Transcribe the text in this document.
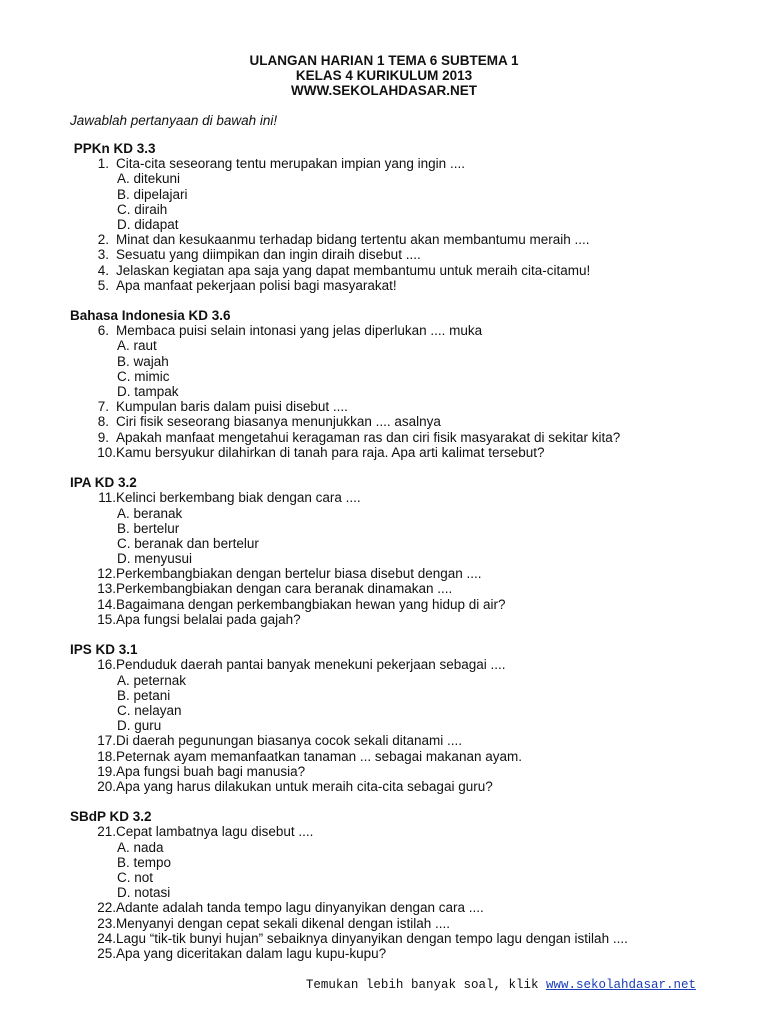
ULANGAN HARIAN 1 TEMA 6 SUBTEMA 1
KELAS 4 KURIKULUM 2013
WWW.SEKOLAHDASAR.NET
Jawablah pertanyaan di bawah ini!
PPKn KD 3.3
1. Cita-cita seseorang tentu merupakan impian yang ingin ....
A. ditekuni
B. dipelajari
C. diraih
D. didapat
2. Minat dan kesukaanmu terhadap bidang tertentu akan membantumu meraih ....
3. Sesuatu yang diimpikan dan ingin diraih disebut ....
4. Jelaskan kegiatan apa saja yang dapat membantumu untuk meraih cita-citamu!
5. Apa manfaat pekerjaan polisi bagi masyarakat!
Bahasa Indonesia KD 3.6
6. Membaca puisi selain intonasi yang jelas diperlukan .... muka
A. raut
B. wajah
C. mimic
D. tampak
7. Kumpulan baris dalam puisi disebut ....
8. Ciri fisik seseorang biasanya menunjukkan .... asalnya
9. Apakah manfaat mengetahui keragaman ras dan ciri fisik masyarakat di sekitar kita?
10. Kamu bersyukur dilahirkan di tanah para raja. Apa arti kalimat tersebut?
IPA KD 3.2
11. Kelinci berkembang biak dengan cara ....
A. beranak
B. bertelur
C. beranak dan bertelur
D. menyusui
12. Perkembangbiakan dengan bertelur biasa disebut dengan ....
13. Perkembangbiakan dengan cara beranak dinamakan ....
14. Bagaimana dengan perkembangbiakan hewan yang hidup di air?
15. Apa fungsi belalai pada gajah?
IPS KD 3.1
16. Penduduk daerah pantai banyak menekuni pekerjaan sebagai ....
A. peternak
B. petani
C. nelayan
D. guru
17. Di daerah pegunungan biasanya cocok sekali ditanami ....
18. Peternak ayam memanfaatkan tanaman ... sebagai makanan ayam.
19. Apa fungsi buah bagi manusia?
20. Apa yang harus dilakukan untuk meraih cita-cita sebagai guru?
SBdP KD 3.2
21. Cepat lambatnya lagu disebut ....
A. nada
B. tempo
C. not
D. notasi
22. Adante adalah tanda tempo lagu dinyanyikan dengan cara ....
23. Menyanyi dengan cepat sekali dikenal dengan istilah ....
24. Lagu “tik-tik bunyi hujan” sebaiknya dinyanyikan dengan tempo lagu dengan istilah ....
25. Apa yang diceritakan dalam lagu kupu-kupu?
Temukan lebih banyak soal, klik www.sekolahdasar.net
